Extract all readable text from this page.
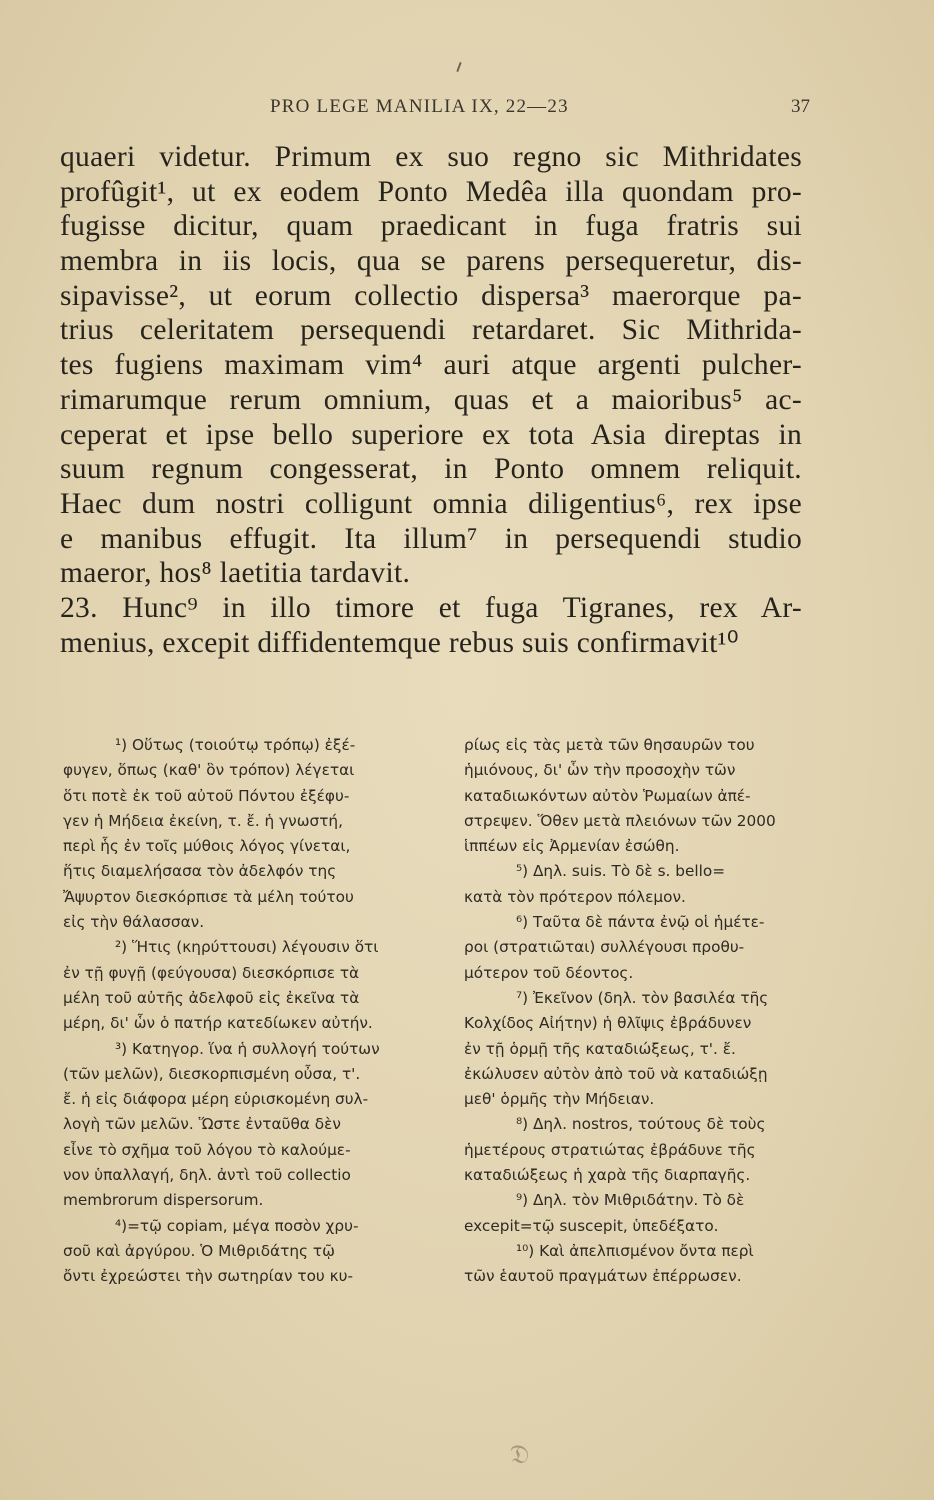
PRO LEGE MANILIA IX, 22—23	37
quaeri videtur. Primum ex suo regno sic Mithridates
profûgit¹, ut ex eodem Ponto Medêa illa quondam pro-
fugisse dicitur, quam praedicant in fuga fratris sui
membra in iis locis, qua se parens persequeretur, dis-
sipavisse², ut eorum collectio dispersa³ maerorque pa-
trius celeritatem persequendi retardaret. Sic Mithrida-
tes fugiens maximam vim⁴ auri atque argenti pulcher-
rimarumque rerum omnium, quas et a maioribus⁵ ac-
ceperat et ipse bello superiore ex tota Asia direptas in
suum regnum congesserat, in Ponto omnem reliquit.
Haec dum nostri colligunt omnia diligentius⁶, rex ipse
e manibus effugit. Ita illum⁷ in persequendi studio
maeror, hos⁸ laetitia tardavit.
23. Hunc⁹ in illo timore et fuga Tigranes, rex Ar-
menius, excepit diffidentemque rebus suis confirmavit¹⁰
¹) Οὕτως (τοιούτῳ τρόπῳ) ἐξέ-
φυγεν, ὅπως (καθ' ὃν τρόπον) λέγεται
ὅτι ποτὲ ἐκ τοῦ αὐτοῦ Πόντου ἐξέφυ-
γεν ἡ Μήδεια ἐκείνη, τ. ἔ. ἡ γνωστή,
περὶ ἧς ἐν τοῖς μύθοις λόγος γίνεται,
ἥτις διαμελήσασα τὸν ἀδελφόν της
Ἄψυρτον διεσκόρπισε τὰ μέλη τούτου
εἰς τὴν θάλασσαν.
²) Ἥτις (κηρύττουσι) λέγουσιν ὅτι
ἐν τῇ φυγῇ (φεύγουσα) διεσκόρπισε τὰ
μέλη τοῦ αὐτῆς ἀδελφοῦ εἰς ἐκεῖνα τὰ
μέρη, δι' ὧν ὁ πατήρ κατεδίωκεν αὐτήν.
³) Κατηγορ. ἵνα ἡ συλλογή τούτων
(τῶν μελῶν), διεσκορπισμένη οὖσα, τ'.
ἔ. ἡ εἰς διάφορα μέρη εὑρισκομένη συλ-
λογὴ τῶν μελῶν. Ὥστε ἐνταῦθα δὲν
εἶνε τὸ σχῆμα τοῦ λόγου τὸ καλούμε-
νον ὑπαλλαγή, δηλ. ἀντὶ τοῦ collectio
membrorum dispersorum.
⁴)=τῷ copiam, μέγα ποσὸν χρυ-
σοῦ καὶ ἀργύρου. Ὁ Μιθριδάτης τῷ
ὄντι ἐχρεώστει τὴν σωτηρίαν του κυ-
ρίως εἰς τὰς μετὰ τῶν θησαυρῶν του
ἡμιόνους, δι' ὧν τὴν προσοχὴν τῶν
καταδιωκόντων αὐτὸν Ῥωμαίων ἀπέ-
στρεψεν. Ὅθεν μετὰ πλειόνων τῶν 2000
ἱππέων εἰς Ἀρμενίαν ἐσώθη.
⁵) Δηλ. suis. Τὸ δὲ s. bello=
κατὰ τὸν πρότερον πόλεμον.
⁶) Ταῦτα δὲ πάντα ἐνῷ οἱ ἡμέτε-
ροι (στρατιῶται) συλλέγουσι προθυ-
μότερον τοῦ δέοντος.
⁷) Ἐκεῖνον (δηλ. τὸν βασιλέα τῆς
Κολχίδος Αἰήτην) ἡ θλῖψις ἐβράδυνεν
ἐν τῇ ὁρμῇ τῆς καταδιώξεως, τ'. ἔ.
ἐκώλυσεν αὐτὸν ἀπὸ τοῦ νὰ καταδιώξῃ
μεθ' ὁρμῆς τὴν Μήδειαν.
⁸) Δηλ. nostros, τούτους δὲ τοὺς
ἡμετέρους στρατιώτας ἐβράδυνε τῆς
καταδιώξεως ἡ χαρὰ τῆς διαρπαγῆς.
⁹) Δηλ. τὸν Μιθριδάτην. Τὸ δὲ
excepit=τῷ suscepit, ὑπεδέξατο.
¹⁰) Καὶ ἀπελπισμένον ὄντα περὶ
τῶν ἑαυτοῦ πραγμάτων ἐπέρρωσεν.
𝔇
